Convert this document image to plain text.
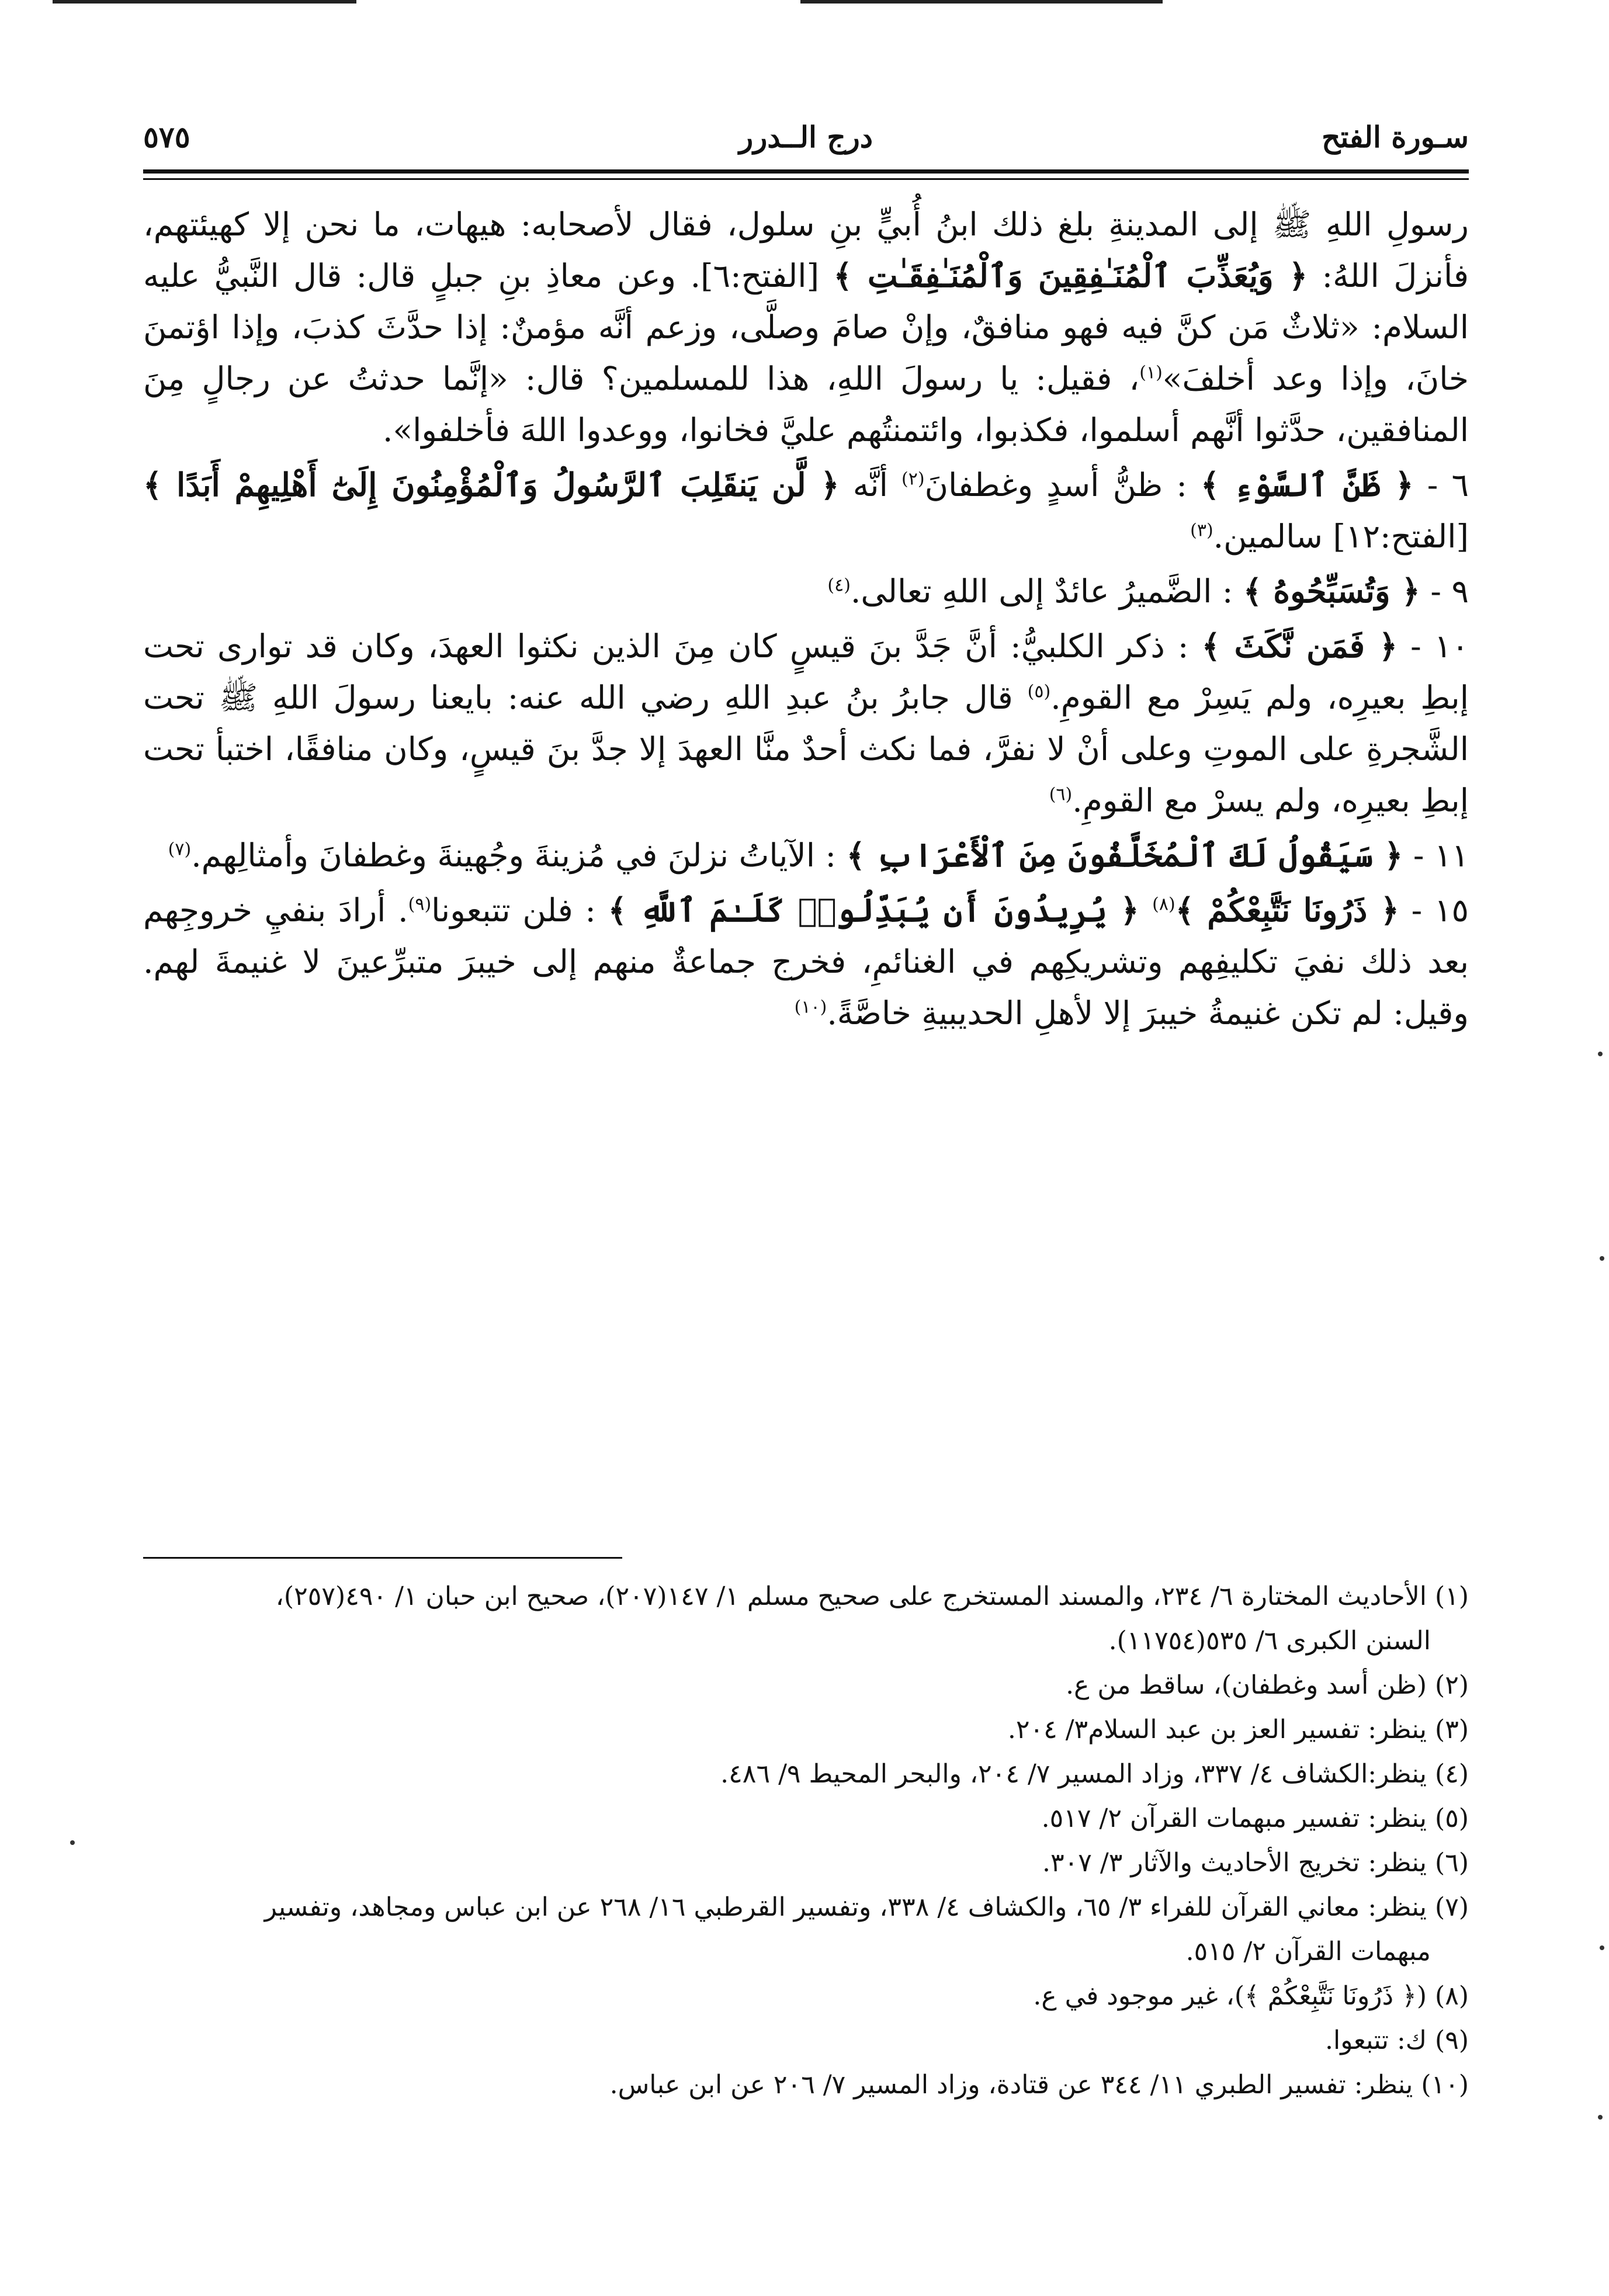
سـورة الفتح
درج الــدرر
٥٧٥

رسولِ اللهِ ﷺ إلى المدينةِ بلغ ذلك ابنُ أُبيٍّ بنِ سلول، فقال لأصحابه: هيهات، ما نحن إلا كهيئتهم، فأنزلَ اللهُ: ﴿ وَيُعَذِّبَ ٱلْمُنَـٰفِقِينَ وَٱلْمُنَـٰفِقَـٰتِ ﴾ [الفتح:٦]. وعن معاذِ بنِ جبلٍ قال: قال النَّبيُّ عليه السلام: «ثلاثٌ مَن كنَّ فيه فهو منافقٌ، وإنْ صامَ وصلَّى، وزعم أنَّه مؤمنٌ: إذا حدَّثَ كذبَ، وإذا اؤتمنَ خانَ، وإذا وعد أخلفَ»$^{(١)}$، فقيل: يا رسولَ اللهِ، هذا للمسلمين؟ قال: «إنَّما حدثتُ عن رجالٍ مِنَ المنافقين، حدَّثوا أنَّهم أسلموا، فكذبوا، وائتمنتُهم عليَّ فخانوا، ووعدوا اللهَ فأخلفوا».

٦ - ﴿ ظَنَّ ٱلسَّوْءِ ﴾ : ظنُّ أسدٍ وغطفانَ$^{(٢)}$ أنَّه ﴿ لَّن يَنقَلِبَ ٱلرَّسُولُ وَٱلْمُؤْمِنُونَ إِلَىٰٓ أَهْلِيهِمْ أَبَدًا ﴾ [الفتح:١٢] سالمين.$^{(٣)}$

٩ - ﴿ وَتُسَبِّحُوهُ ﴾ : الضَّميرُ عائدٌ إلى اللهِ تعالى.$^{(٤)}$

١٠ - ﴿ فَمَن نَّكَثَ ﴾ : ذكر الكلبيُّ: أنَّ جَدَّ بنَ قيسٍ كان مِنَ الذين نكثوا العهدَ، وكان قد توارى تحت إبطِ بعيرِه، ولم يَسِرْ مع القومِ.$^{(٥)}$ قال جابرُ بنُ عبدِ اللهِ رضي الله عنه: بايعنا رسولَ اللهِ ﷺ تحت الشَّجرةِ على الموتِ وعلى أنْ لا نفرَّ، فما نكث أحدٌ منَّا العهدَ إلا جدَّ بنَ قيسٍ، وكان منافقًا، اختبأ تحت إبطِ بعيرِه، ولم يسرْ مع القومِ.$^{(٦)}$

١١ - ﴿ سَيَقُولُ لَكَ ٱلْمُخَلَّفُونَ مِنَ ٱلْأَعْرَابِ ﴾ : الآياتُ نزلنَ في مُزينةَ وجُهينةَ وغطفانَ وأمثالِهم.$^{(٧)}$

١٥ - ﴿ ذَرُونَا نَتَّبِعْكُمْ ﴾$^{(٨)}$ ﴿ يُرِيدُونَ أَن يُبَدِّلُوا۟ كَلَـٰمَ ٱللَّهِ ﴾ : فلن تتبعونا$^{(٩)}$. أرادَ بنفيِ خروجِهم بعد ذلك نفيَ تكليفِهم وتشريكِهم في الغنائمِ، فخرج جماعةٌ منهم إلى خيبرَ متبرِّعينَ لا غنيمةَ لهم. وقيل: لم تكن غنيمةُ خيبرَ إلا لأهلِ الحديبيةِ خاصَّةً.$^{(١٠)}$

(١) الأحاديث المختارة ٦/ ٢٣٤، والمسند المستخرج على صحيح مسلم ١/ ١٤٧(٢٠٧)، صحيح ابن حبان ١/ ٤٩٠(٢٥٧)،
السنن الكبرى ٦/ ٥٣٥(١١٧٥٤).

(٢) (ظن أسد وغطفان)، ساقط من ع.

(٣) ينظر: تفسير العز بن عبد السلام٣/ ٢٠٤.

(٤) ينظر:الكشاف ٤/ ٣٣٧، وزاد المسير ٧/ ٢٠٤، والبحر المحيط ٩/ ٤٨٦.

(٥) ينظر: تفسير مبهمات القرآن ٢/ ٥١٧.

(٦) ينظر: تخريج الأحاديث والآثار ٣/ ٣٠٧.

(٧) ينظر: معاني القرآن للفراء ٣/ ٦٥، والكشاف ٤/ ٣٣٨، وتفسير القرطبي ١٦/ ٢٦٨ عن ابن عباس ومجاهد، وتفسير
مبهمات القرآن ٢/ ٥١٥.

(٨) (﴿ ذَرُونَا نَتَّبِعْكُمْ ﴾)، غير موجود في ع.

(٩) ك: تتبعوا.

(١٠) ينظر: تفسير الطبري ١١/ ٣٤٤ عن قتادة، وزاد المسير ٧/ ٢٠٦ عن ابن عباس.
